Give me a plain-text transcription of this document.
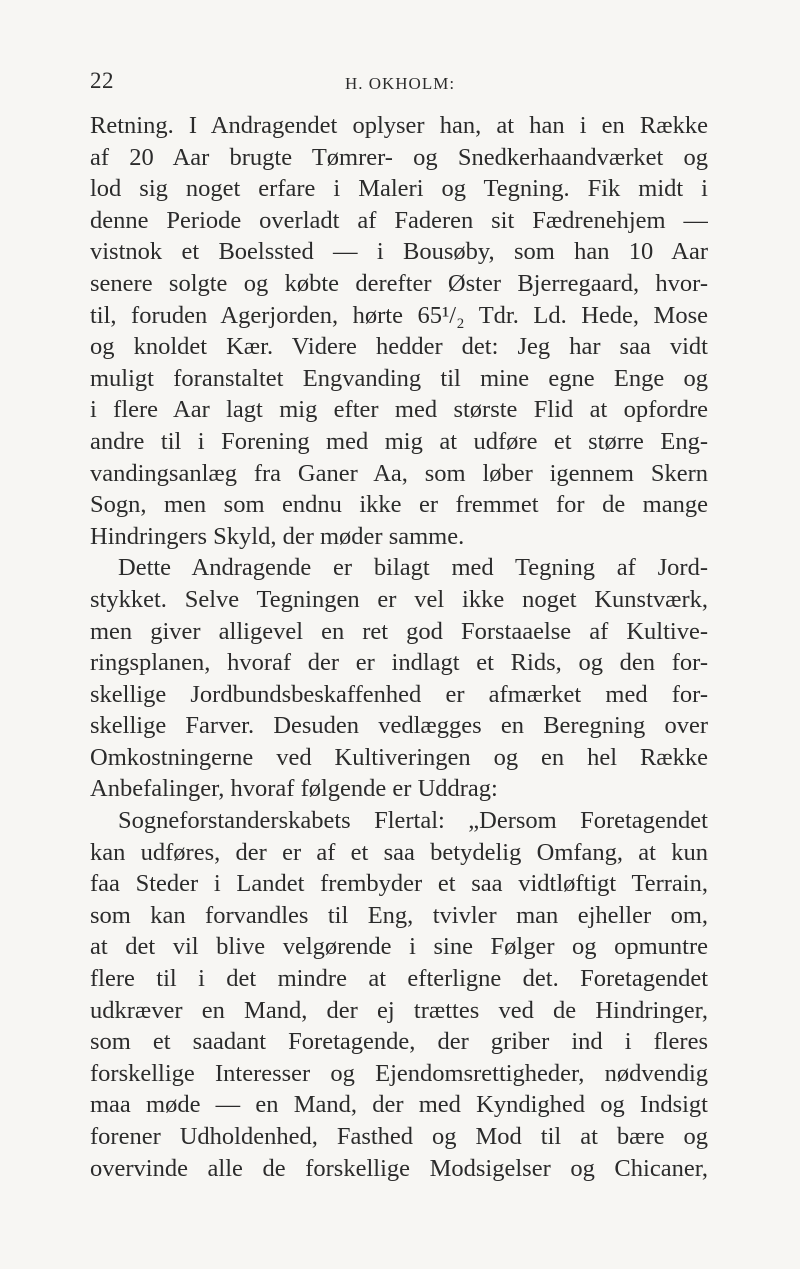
22	H. OKHOLM:
Retning. I Andragendet oplyser han, at han i en Række
af 20 Aar brugte Tømrer- og Snedkerhaandværket og
lod sig noget erfare i Maleri og Tegning. Fik midt i
denne Periode overladt af Faderen sit Fædrenehjem —
vistnok et Boelssted — i Bousøby, som han 10 Aar
senere solgte og købte derefter Øster Bjerregaard, hvor-
til, foruden Agerjorden, hørte 65¹/₂ Tdr. Ld. Hede, Mose
og knoldet Kær. Videre hedder det: Jeg har saa vidt
muligt foranstaltet Engvanding til mine egne Enge og
i flere Aar lagt mig efter med største Flid at opfordre
andre til i Forening med mig at udføre et større Eng-
vandingsanlæg fra Ganer Aa, som løber igennem Skern
Sogn, men som endnu ikke er fremmet for de mange
Hindringers Skyld, der møder samme.
Dette Andragende er bilagt med Tegning af Jord-
stykket. Selve Tegningen er vel ikke noget Kunstværk,
men giver alligevel en ret god Forstaaelse af Kultive-
ringsplanen, hvoraf der er indlagt et Rids, og den for-
skellige Jordbundsbeskaffenhed er afmærket med for-
skellige Farver. Desuden vedlægges en Beregning over
Omkostningerne ved Kultiveringen og en hel Række
Anbefalinger, hvoraf følgende er Uddrag:
Sogneforstanderskabets Flertal: „Dersom Foretagendet
kan udføres, der er af et saa betydelig Omfang, at kun
faa Steder i Landet frembyder et saa vidtløftigt Terrain,
som kan forvandles til Eng, tvivler man ejheller om,
at det vil blive velgørende i sine Følger og opmuntre
flere til i det mindre at efterligne det. Foretagendet
udkræver en Mand, der ej trættes ved de Hindringer,
som et saadant Foretagende, der griber ind i fleres
forskellige Interesser og Ejendomsrettigheder, nødvendig
maa møde — en Mand, der med Kyndighed og Indsigt
forener Udholdenhed, Fasthed og Mod til at bære og
overvinde alle de forskellige Modsigelser og Chicaner,
